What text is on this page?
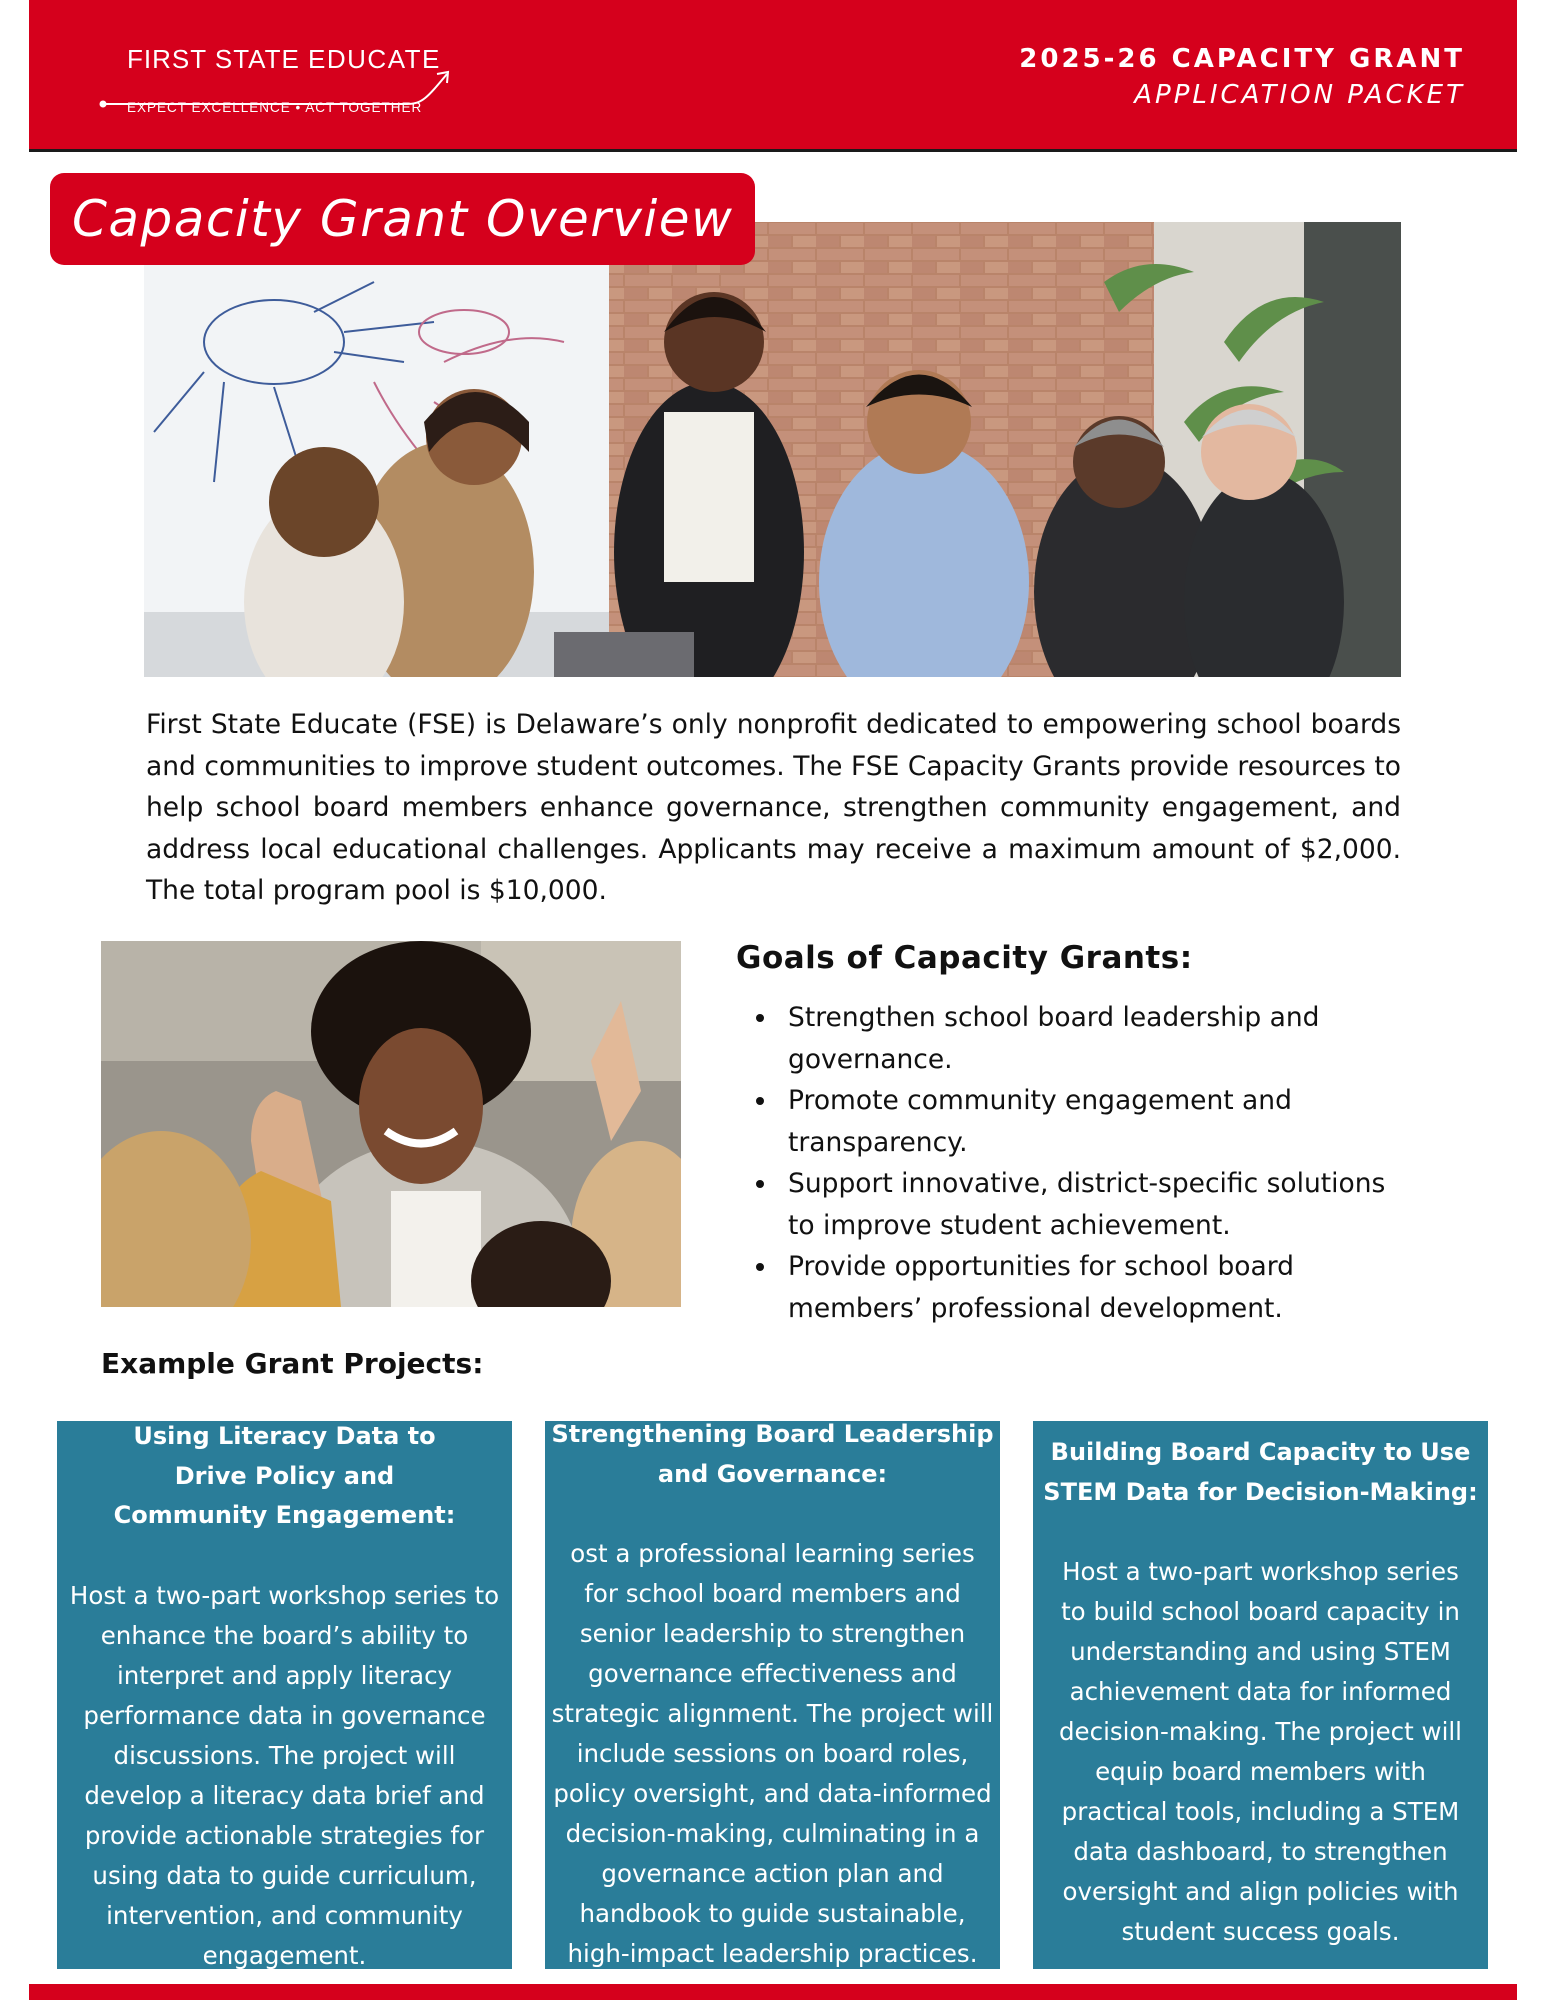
FIRST STATE EDUCATE
EXPECT EXCELLENCE • ACT TOGETHER
2025-26 CAPACITY GRANT
APPLICATION PACKET
Capacity Grant Overview

First State Educate (FSE) is Delaware’s only nonprofit dedicated to empowering school boards and communities to improve student outcomes. The FSE Capacity Grants provide resources to help school board members enhance governance, strengthen community engagement, and address local educational challenges. Applicants may receive a maximum amount of $2,000. The total program pool is $10,000.

Goals of Capacity Grants:
Strengthen school board leadership and governance.
Promote community engagement and transparency.
Support innovative, district-specific solutions to improve student achievement.
Provide opportunities for school board members’ professional development.
Example Grant Projects:
Using Literacy Data to Drive Policy and Community Engagement:

Host a two-part workshop series to enhance the board’s ability to interpret and apply literacy performance data in governance discussions. The project will develop a literacy data brief and provide actionable strategies for using data to guide curriculum, intervention, and community engagement.

Strengthening Board Leadership and Governance:

ost a professional learning series for school board members and senior leadership to strengthen governance effectiveness and strategic alignment. The project will include sessions on board roles, policy oversight, and data-informed decision-making, culminating in a governance action plan and handbook to guide sustainable, high-impact leadership practices.

Building Board Capacity to Use STEM Data for Decision-Making:

Host a two-part workshop series to build school board capacity in understanding and using STEM achievement data for informed decision-making. The project will equip board members with practical tools, including a STEM data dashboard, to strengthen oversight and align policies with student success goals.
